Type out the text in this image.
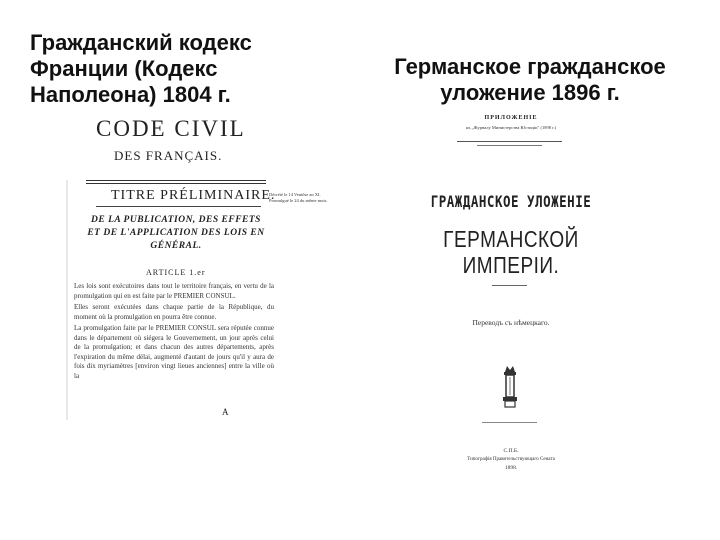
Гражданский кодекс
Франции (Кодекс
Наполеона) 1804 г.
Германское гражданское
уложение 1896 г.
CODE CIVIL
DES FRANÇAIS.
TITRE PRÉLIMINAIRE.
DE LA PUBLICATION, DES EFFETS ET DE L'APPLICATION DES LOIS EN GÉNÉRAL.
Décrété le 14 Ventôse an XI. Promulgué le 24 du même mois.
ARTICLE 1.er

Les lois sont exécutoires dans tout le territoire français, en vertu de la promulgation qui en est faite par le PREMIER CONSUL.

Elles seront exécutées dans chaque partie de la République, du moment où la promulgation en pourra être connue.

La promulgation faite par le PREMIER CONSUL sera réputée connue dans le département où siégera le Gouvernement, un jour après celui de la promulgation; et dans chacun des autres départements, après l'expiration du même délai, augmenté d'autant de jours qu'il y aura de fois dix myriamètres [environ vingt lieues anciennes] entre la ville où la

A
ПРИЛОЖЕНІЕ
къ „Журналу Министерства Юстиціи" (1898 г.)
ГРАЖДАНСКОЕ УЛОЖЕНІЕ
ГЕРМАНСКОЙ ИМПЕРІИ.
Переводъ съ нѣмецкаго.
С.П.Б.
Типографія Правительствующаго Сената
1898.
